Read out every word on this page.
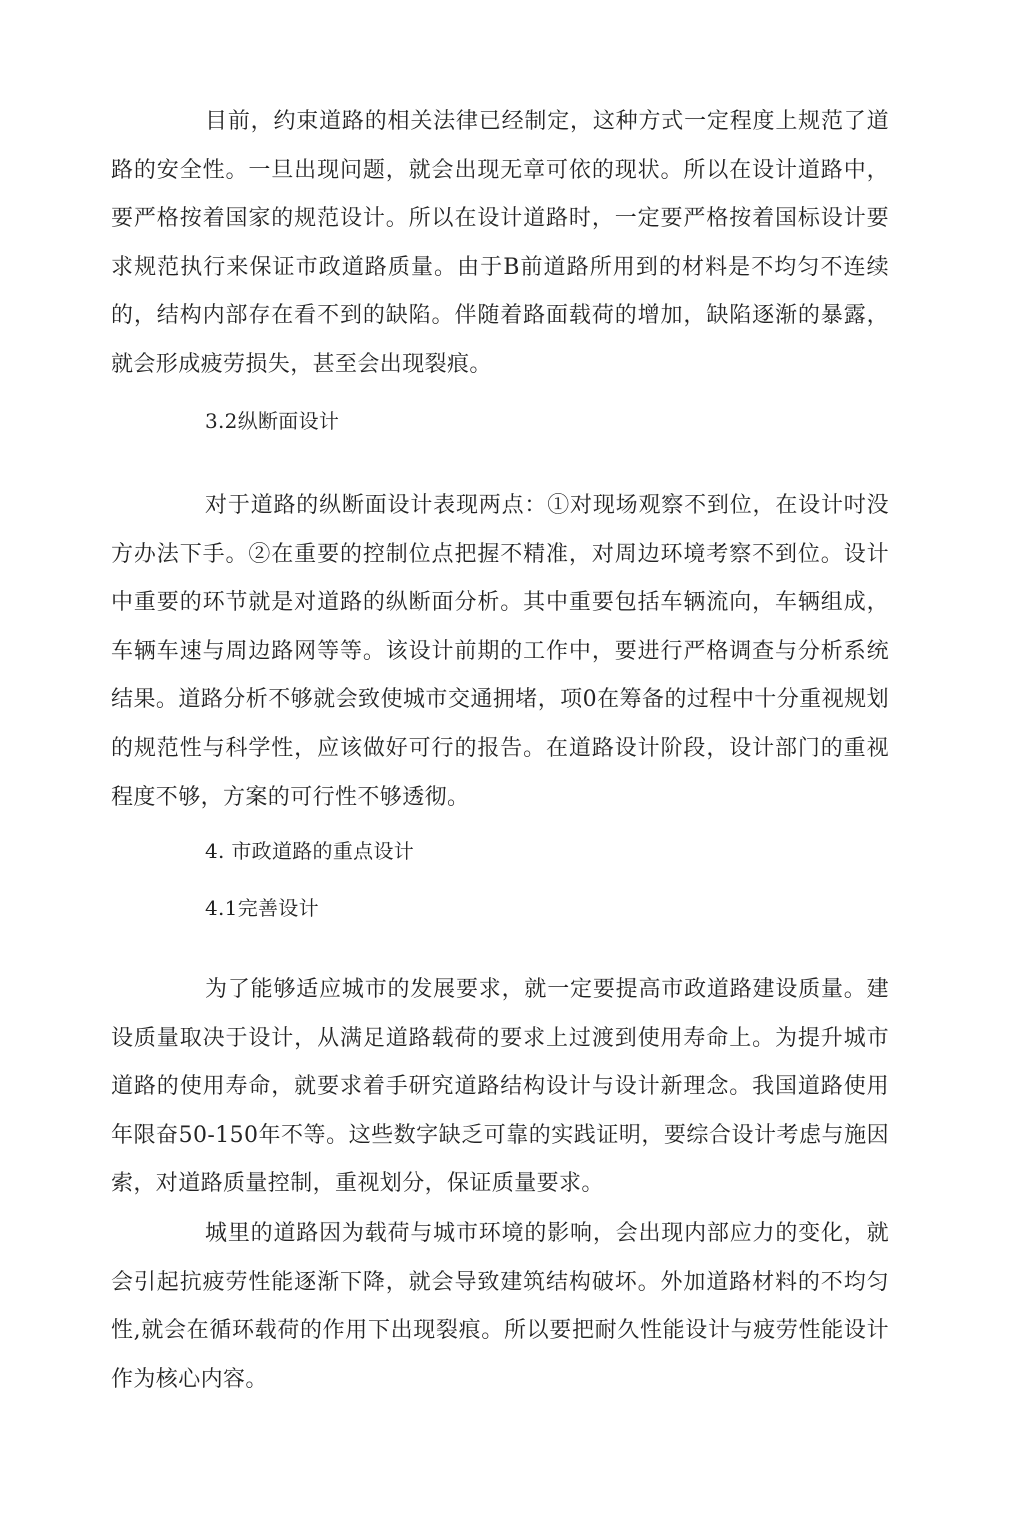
目前，约束道路的相关法律已经制定，这种方式一定程度上规范了道路的安全性。一旦出现问题，就会出现无章可依的现状。所以在设计道路中，要严格按着国家的规范设计。所以在设计道路时，一定要严格按着国标设计要求规范执行来保证市政道路质量。由于B前道路所用到的材料是不均匀不连续的，结构内部存在看不到的缺陷。伴随着路面载荷的增加，缺陷逐渐的暴露，就会形成疲劳损失，甚至会出现裂痕。

3.2纵断面设计

对于道路的纵断面设计表现两点：①对现场观察不到位，在设计吋没方办法下手。②在重要的控制位点把握不精准，对周边环境考察不到位。设计中重要的环节就是对道路的纵断面分析。其中重要包括车辆流向，车辆组成，车辆车速与周边路网等等。该设计前期的工作中，要进行严格调查与分析系统结果。道路分析不够就会致使城市交通拥堵，项0在筹备的过程中十分重视规划的规范性与科学性，应该做好可行的报告。在道路设计阶段，设计部门的重视程度不够，方案的可行性不够透彻。

4. 市政道路的重点设计

4.1完善设计

为了能够适应城市的发展要求，就一定要提高市政道路建设质量。建设质量取决于设计，从满足道路载荷的要求上过渡到使用寿命上。为提升城市道路的使用寿命，就要求着手研究道路结构设计与设计新理念。我国道路使用年限奋50-150年不等。这些数字缺乏可靠的实践证明，要综合设计考虑与施因索，对道路质量控制，重视划分，保证质量要求。

城里的道路因为载荷与城市环境的影响，会出现内部应力的变化，就会引起抗疲劳性能逐渐下降，就会导致建筑结构破坏。外加道路材料的不均匀性,就会在循环载荷的作用下出现裂痕。所以要把耐久性能设计与疲劳性能设计作为核心内容。
